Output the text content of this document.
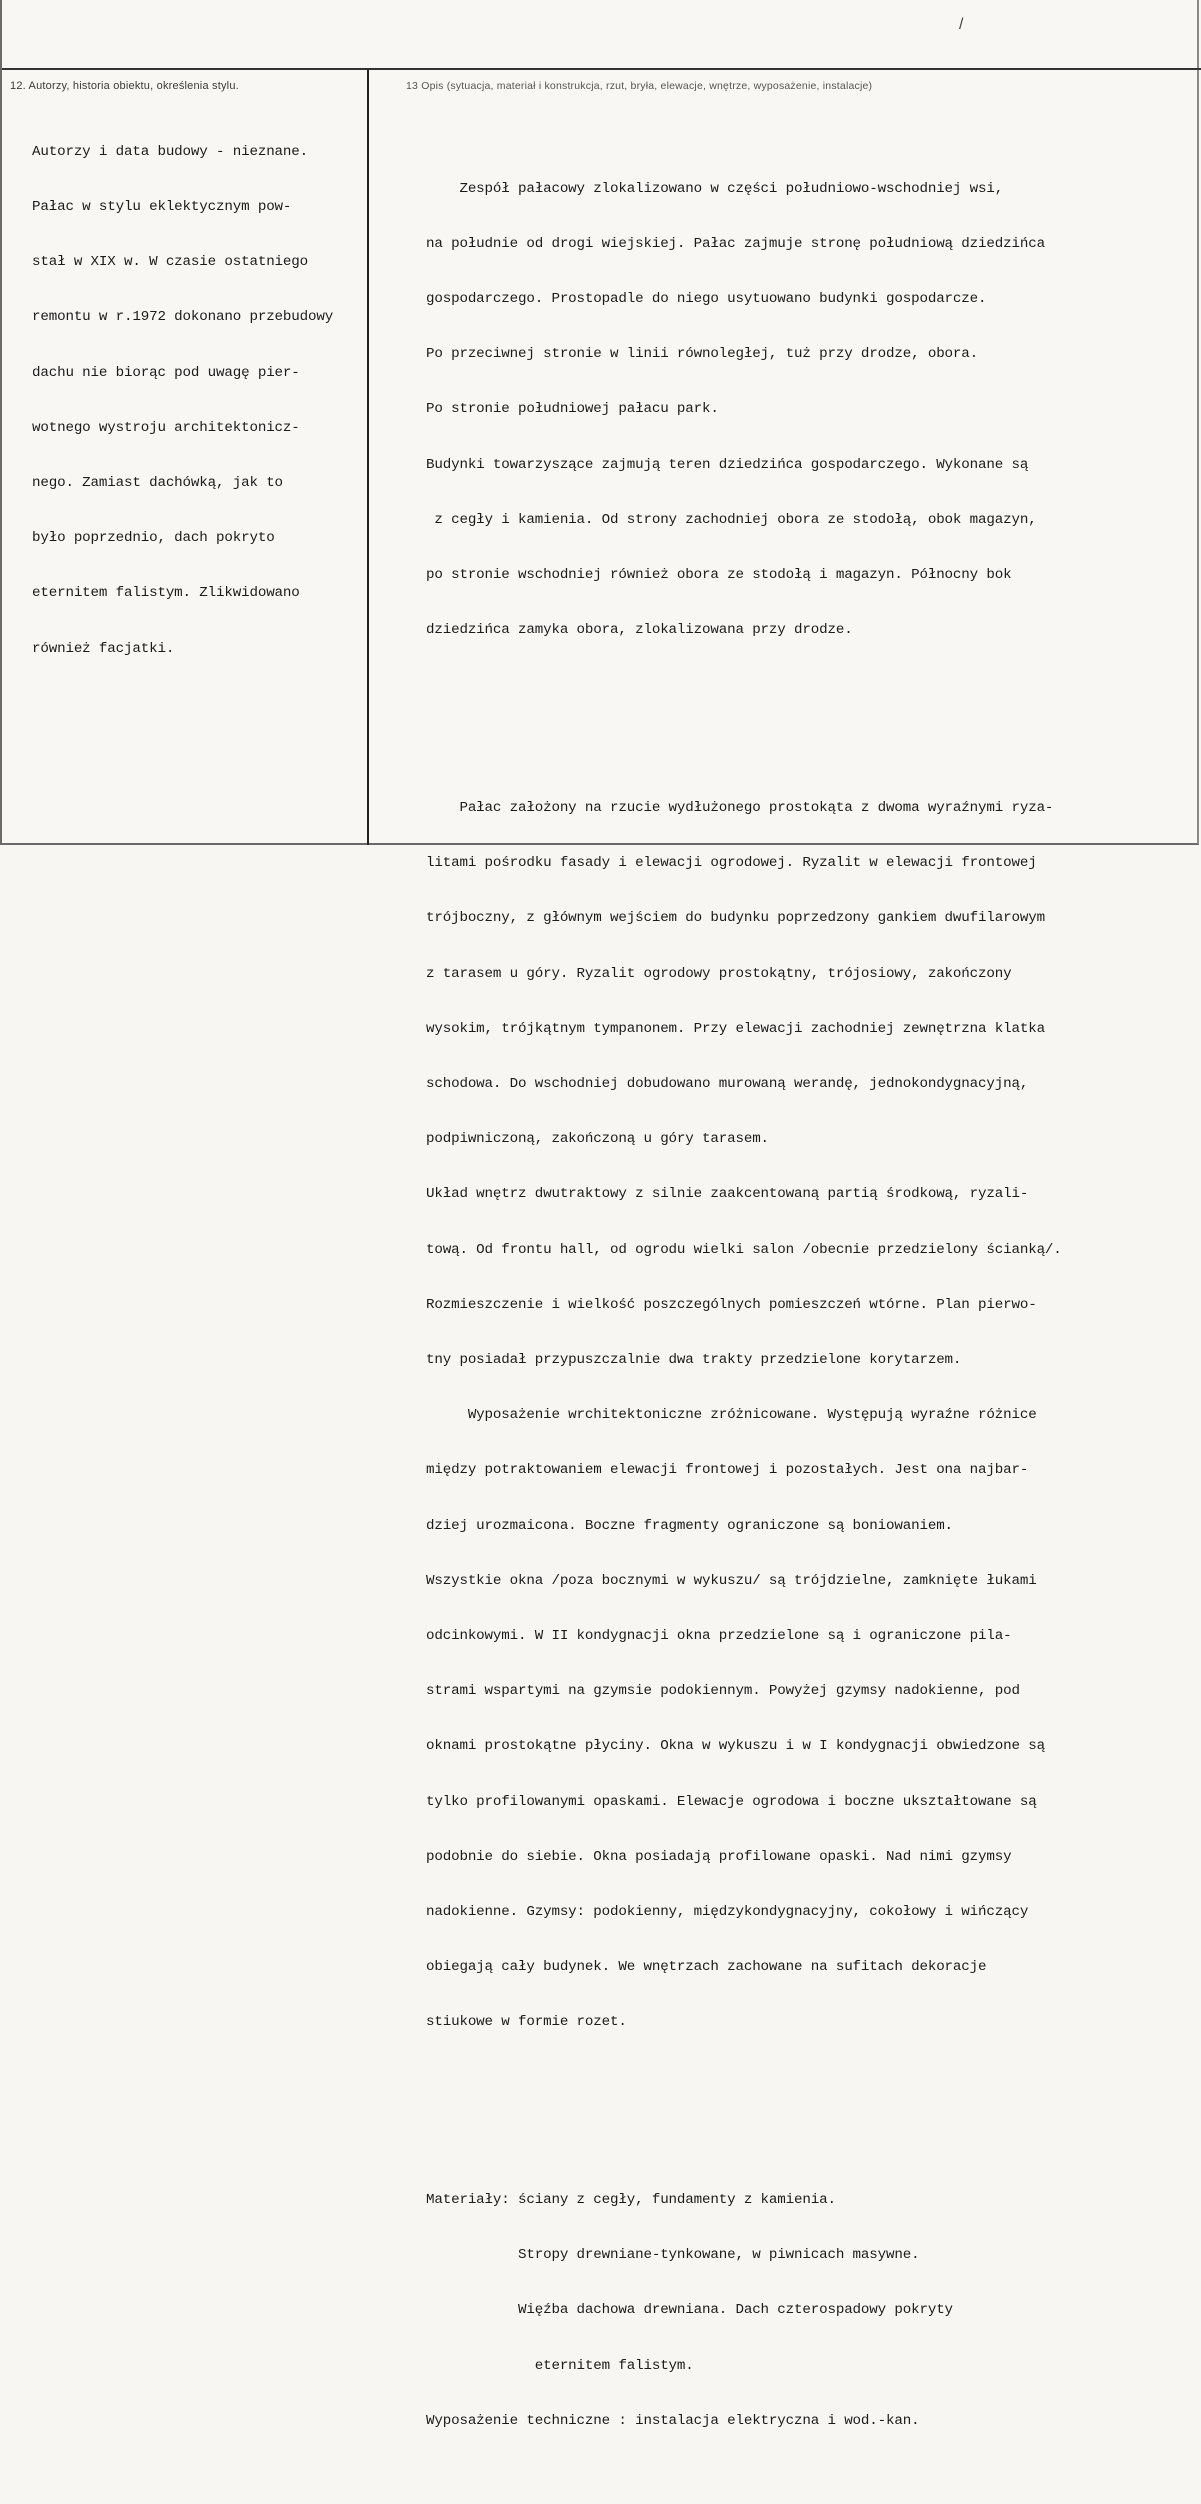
/
12. Autorzy, historia obiektu, określenia stylu.	13 Opis (sytuacja, materiał i konstrukcja, rzut, bryła, elewacje, wnętrze, wyposażenie, instalacje)

Autorzy i data budowy - nieznane.

Pałac w stylu eklektycznym pow-

stał w XIX w. W czasie ostatniego

remontu w r.1972 dokonano przebudowy

dachu nie biorąc pod uwagę pier-

wotnego wystroju architektonicz-

nego. Zamiast dachówką, jak to

było poprzednio, dach pokryto

eternitem falistym. Zlikwidowano

również facjatki.

Zespół pałacowy zlokalizowano w części południowo-wschodniej wsi,

na południe od drogi wiejskiej. Pałac zajmuje stronę południową dziedzińca

gospodarczego. Prostopadle do niego usytuowano budynki gospodarcze.

Po przeciwnej stronie w linii równoległej, tuż przy drodze, obora.

Po stronie południowej pałacu park.

Budynki towarzyszące zajmują teren dziedzińca gospodarczego. Wykonane są

z cegły i kamienia. Od strony zachodniej obora ze stodołą, obok magazyn,

po stronie wschodniej również obora ze stodołą i magazyn. Północny bok

dziedzińca zamyka obora, zlokalizowana przy drodze.

Pałac założony na rzucie wydłużonego prostokąta z dwoma wyraźnymi ryza-

litami pośrodku fasady i elewacji ogrodowej. Ryzalit w elewacji frontowej

trójboczny, z głównym wejściem do budynku poprzedzony gankiem dwufilarowym

z tarasem u góry. Ryzalit ogrodowy prostokątny, trójosiowy, zakończony

wysokim, trójkątnym tympanonem. Przy elewacji zachodniej zewnętrzna klatka

schodowa. Do wschodniej dobudowano murowaną werandę, jednokondygnacyjną,

podpiwniczoną, zakończoną u góry tarasem.

Układ wnętrz dwutraktowy z silnie zaakcentowaną partią środkową, ryzali-

tową. Od frontu hall, od ogrodu wielki salon /obecnie przedzielony ścianką/.

Rozmieszczenie i wielkość poszczególnych pomieszczeń wtórne. Plan pierwo-

tny posiadał przypuszczalnie dwa trakty przedzielone korytarzem.

Wyposażenie wrchitektoniczne zróżnicowane. Występują wyraźne różnice

między potraktowaniem elewacji frontowej i pozostałych. Jest ona najbar-

dziej urozmaicona. Boczne fragmenty ograniczone są boniowaniem.

Wszystkie okna /poza bocznymi w wykuszu/ są trójdzielne, zamknięte łukami

odcinkowymi. W II kondygnacji okna przedzielone są i ograniczone pila-

strami wspartymi na gzymsie podokiennym. Powyżej gzymsy nadokienne, pod

oknami prostokątne płyciny. Okna w wykuszu i w I kondygnacji obwiedzone są

tylko profilowanymi opaskami. Elewacje ogrodowa i boczne ukształtowane są

podobnie do siebie. Okna posiadają profilowane opaski. Nad nimi gzymsy

nadokienne. Gzymsy: podokienny, międzykondygnacyjny, cokołowy i wińczący

obiegają cały budynek. We wnętrzach zachowane na sufitach dekoracje

stiukowe w formie rozet.

Materiały: ściany z cegły, fundamenty z kamienia.

Stropy drewniane-tynkowane, w piwnicach masywne.

Więźba dachowa drewniana. Dach czterospadowy pokryty

eternitem falistym.

Wyposażenie techniczne : instalacja elektryczna i wod.-kan.
